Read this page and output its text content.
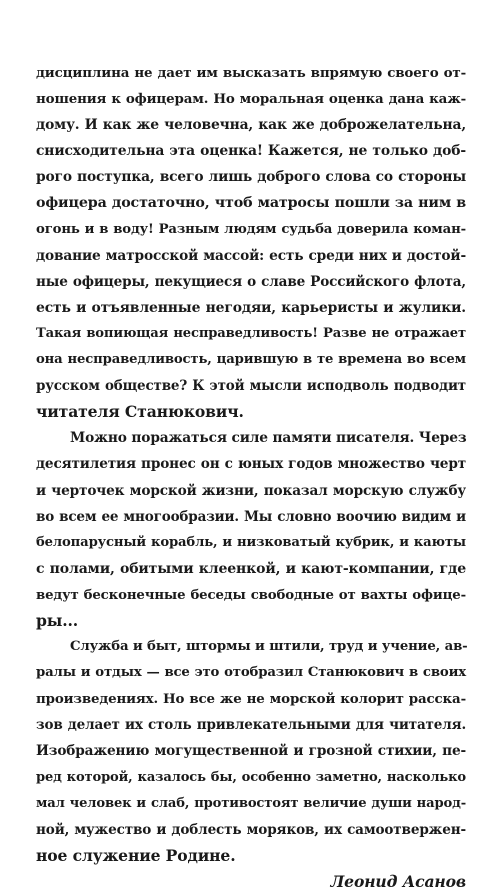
дисциплина не дает им высказать впрямую своего от-
ношения к офицерам. Но моральная оценка дана каж-
дому. И как же человечна, как же доброжелательна,
снисходительна эта оценка! Кажется, не только доб-
рого поступка, всего лишь доброго слова со стороны
офицера достаточно, чтоб матросы пошли за ним в
огонь и в воду! Разным людям судьба доверила коман-
дование матросской массой: есть среди них и достой-
ные офицеры, пекущиеся о славе Российского флота,
есть и отъявленные негодяи, карьеристы и жулики.
Такая вопиющая несправедливость! Разве не отражает
она несправедливость, царившую в те времена во всем
русском обществе? К этой мысли исподволь подводит
читателя Станюкович.
Можно поражаться силе памяти писателя. Через
десятилетия пронес он с юных годов множество черт
и черточек морской жизни, показал морскую службу
во всем ее многообразии. Мы словно воочию видим и
белопарусный корабль, и низковатый кубрик, и каюты
с полами, обитыми клеенкой, и кают-компании, где
ведут бесконечные беседы свободные от вахты офице-
ры...
Служба и быт, штормы и штили, труд и учение, ав-
ралы и отдых — все это отобразил Станюкович в своих
произведениях. Но все же не морской колорит расска-
зов делает их столь привлекательными для читателя.
Изображению могущественной и грозной стихии, пе-
ред которой, казалось бы, особенно заметно, насколько
мал человек и слаб, противостоят величие души народ-
ной, мужество и доблесть моряков, их самоотвержен-
ное служение Родине.
Леонид Асанов
